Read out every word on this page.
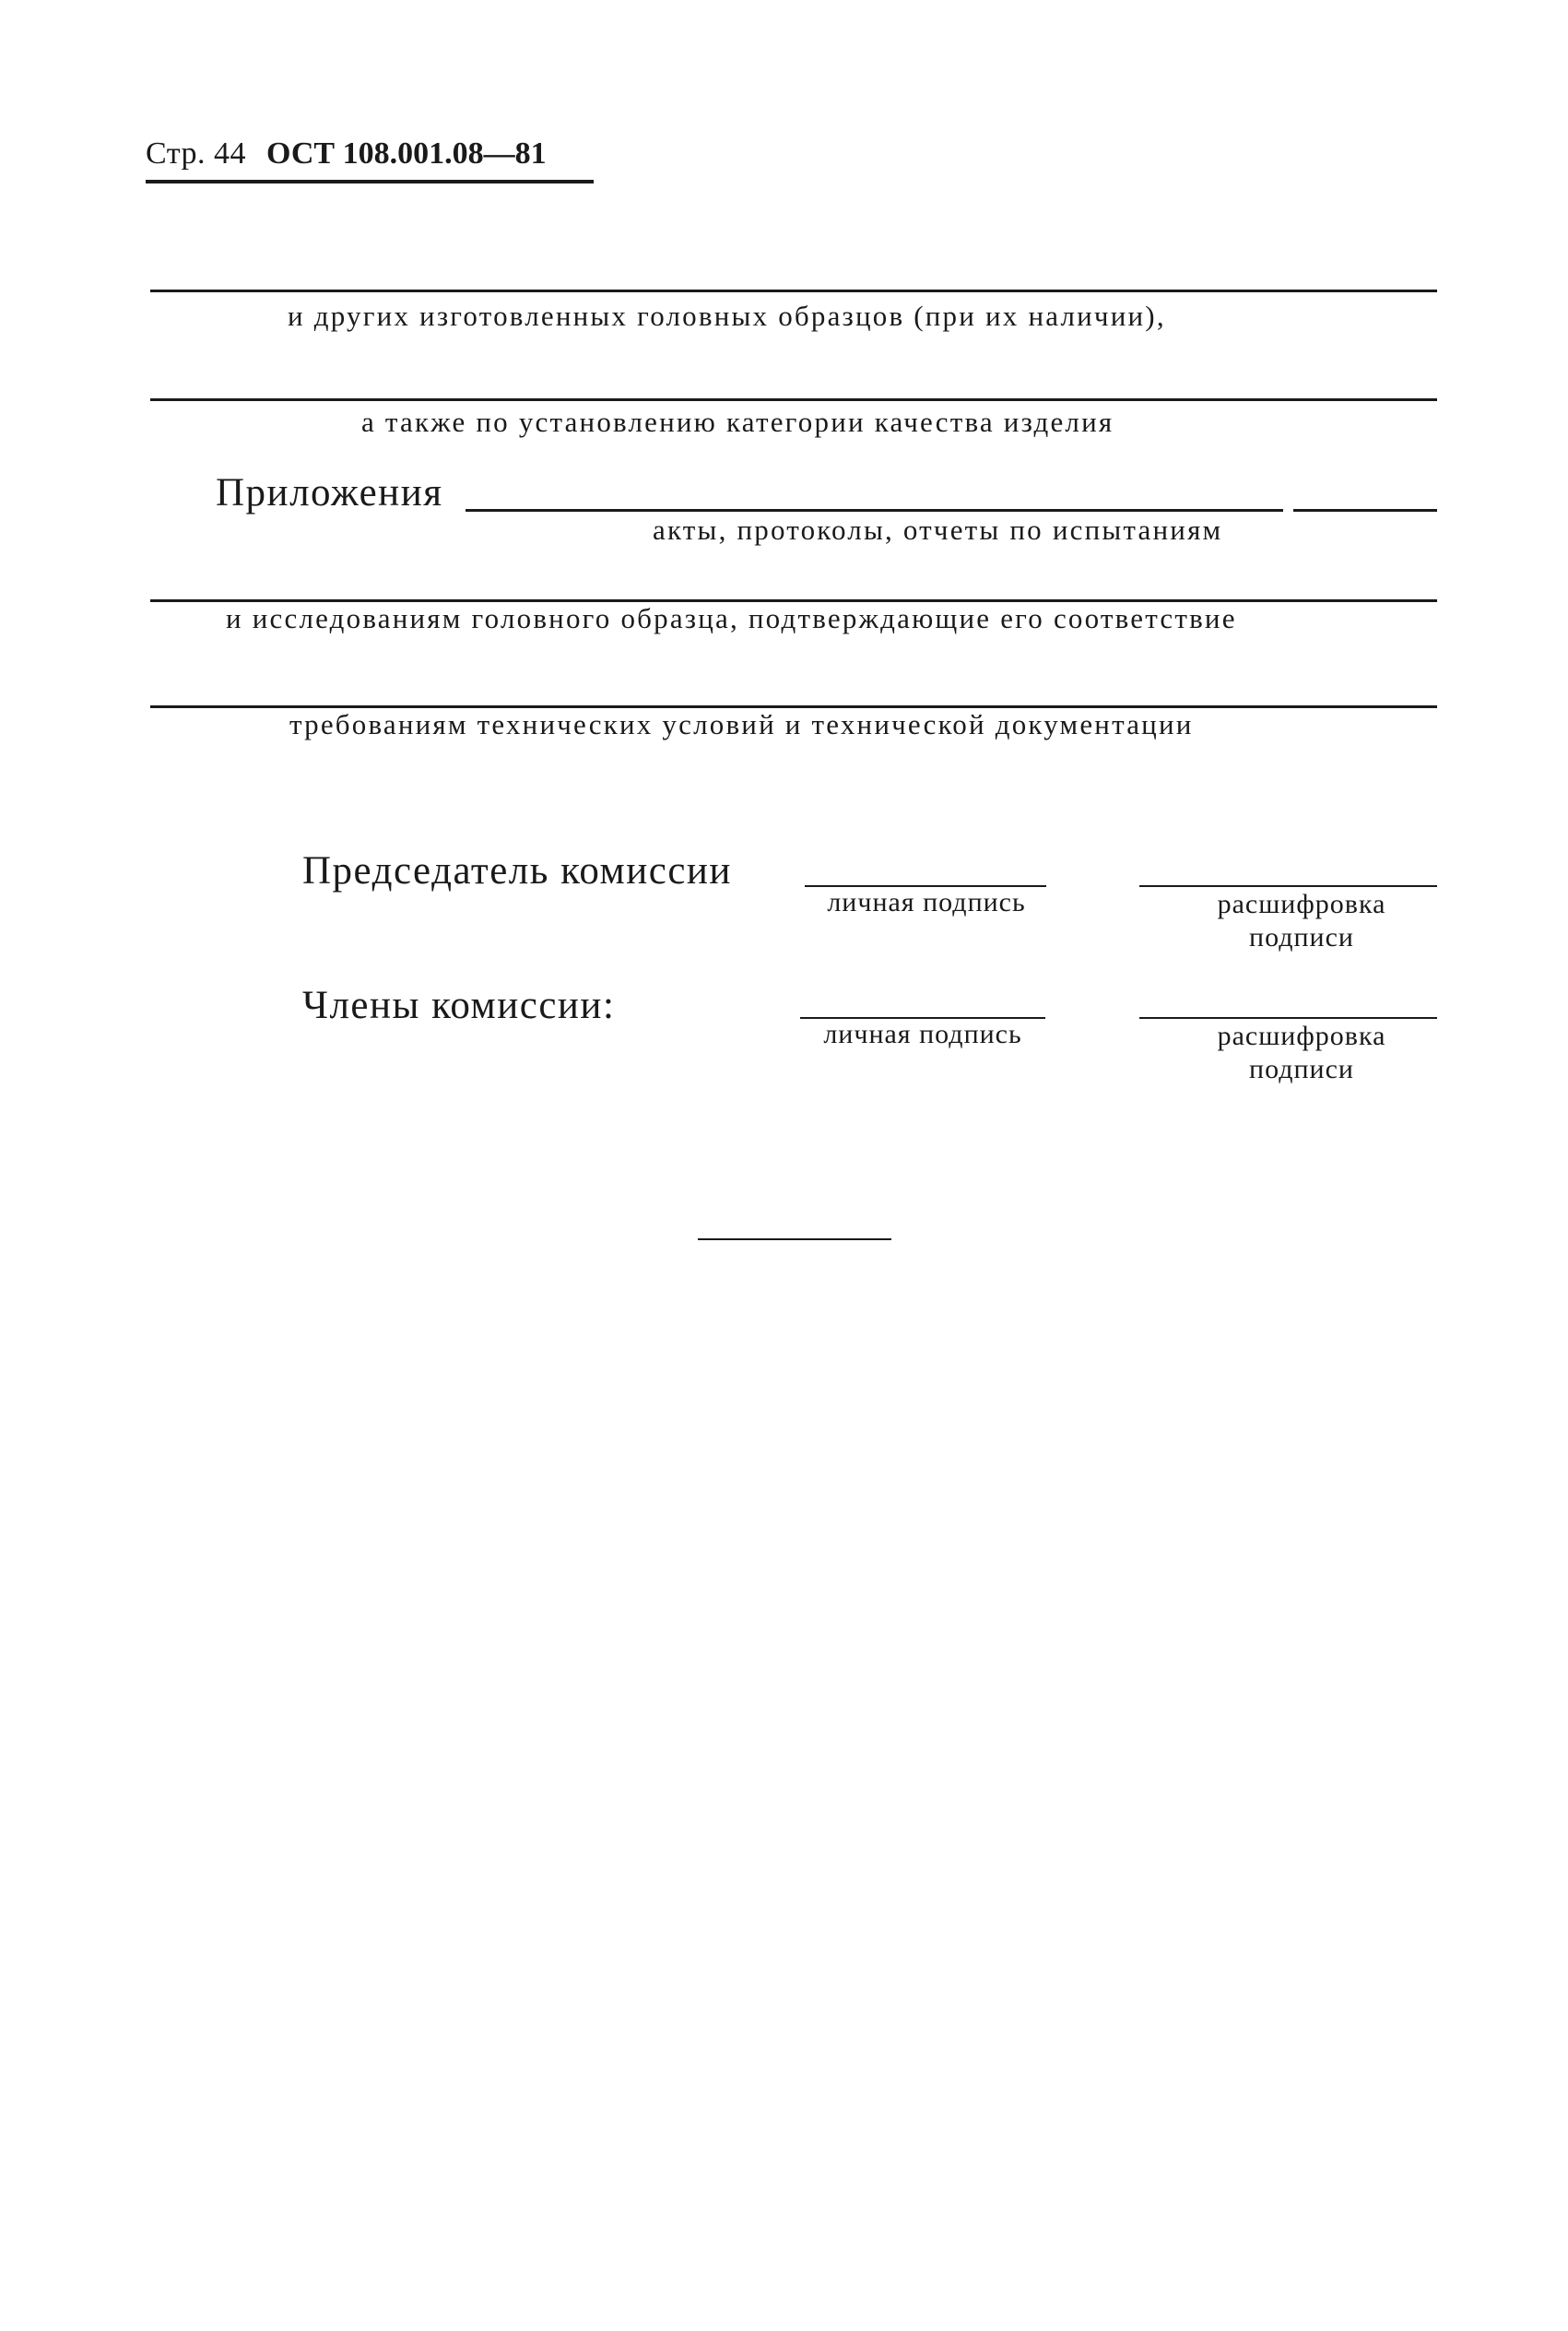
Стр. 44 ОСТ 108.001.08—81
и других изготовленных головных образцов (при их наличии),
а также по установлению категории качества изделия
Приложения
акты, протоколы, отчеты по испытаниям
и исследованиям головного образца, подтверждающие его соответствие
требованиям технических условий и технической документации
Председатель комиссии
личная подпись	расшифровка
подписи
Члены комиссии:
личная подпись	расшифровка
подписи
